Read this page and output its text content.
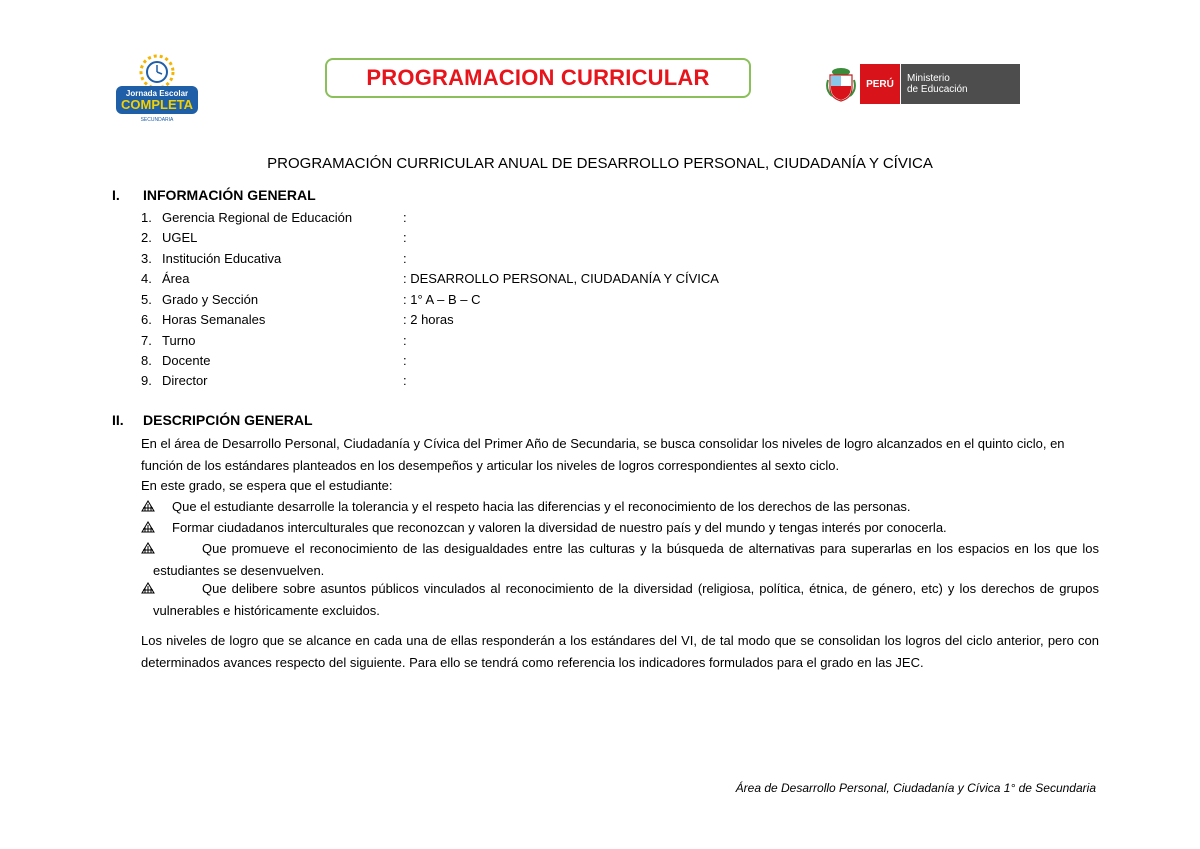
Jornada Escolar
COMPLETA
SECUNDARIA
PROGRAMACION CURRICULAR	PERÚ	Ministerio
de Educación
PROGRAMACIÓN CURRICULAR ANUAL DE DESARROLLO PERSONAL, CIUDADANÍA Y CÍVICA
I. INFORMACIÓN GENERAL
1. Gerencia Regional de Educación	:
2. UGEL	:
3. Institución Educativa	:
4. Área	: DESARROLLO PERSONAL, CIUDADANÍA Y CÍVICA
5. Grado y Sección	: 1° A – B – C
6. Horas Semanales	: 2 horas
7. Turno	:
8. Docente	:
9. Director	:
II. DESCRIPCIÓN GENERAL
En el área de Desarrollo Personal, Ciudadanía y Cívica del Primer Año de Secundaria, se busca consolidar los niveles de logro alcanzados en el quinto ciclo, en función de los estándares planteados en los desempeños y articular los niveles de logros correspondientes al sexto ciclo.
En este grado, se espera que el estudiante:
Que el estudiante desarrolle la tolerancia y el respeto hacia las diferencias y el reconocimiento de los derechos de las personas.
Formar ciudadanos interculturales que reconozcan y valoren la diversidad de nuestro país y del mundo y tengas interés por conocerla.
Que promueve el reconocimiento de las desigualdades entre las culturas y la búsqueda de alternativas para superarlas en los espacios en los que los estudiantes se desenvuelven.
Que delibere sobre asuntos públicos vinculados al reconocimiento de la diversidad (religiosa, política, étnica, de género, etc) y los derechos de grupos vulnerables e históricamente excluidos.
Los niveles de logro que se alcance en cada una de ellas responderán a los estándares del VI, de tal modo que se consolidan los logros del ciclo anterior, pero con determinados avances respecto del siguiente. Para ello se tendrá como referencia los indicadores formulados para el grado en las JEC.
Área de Desarrollo Personal, Ciudadanía y Cívica 1° de Secundaria
